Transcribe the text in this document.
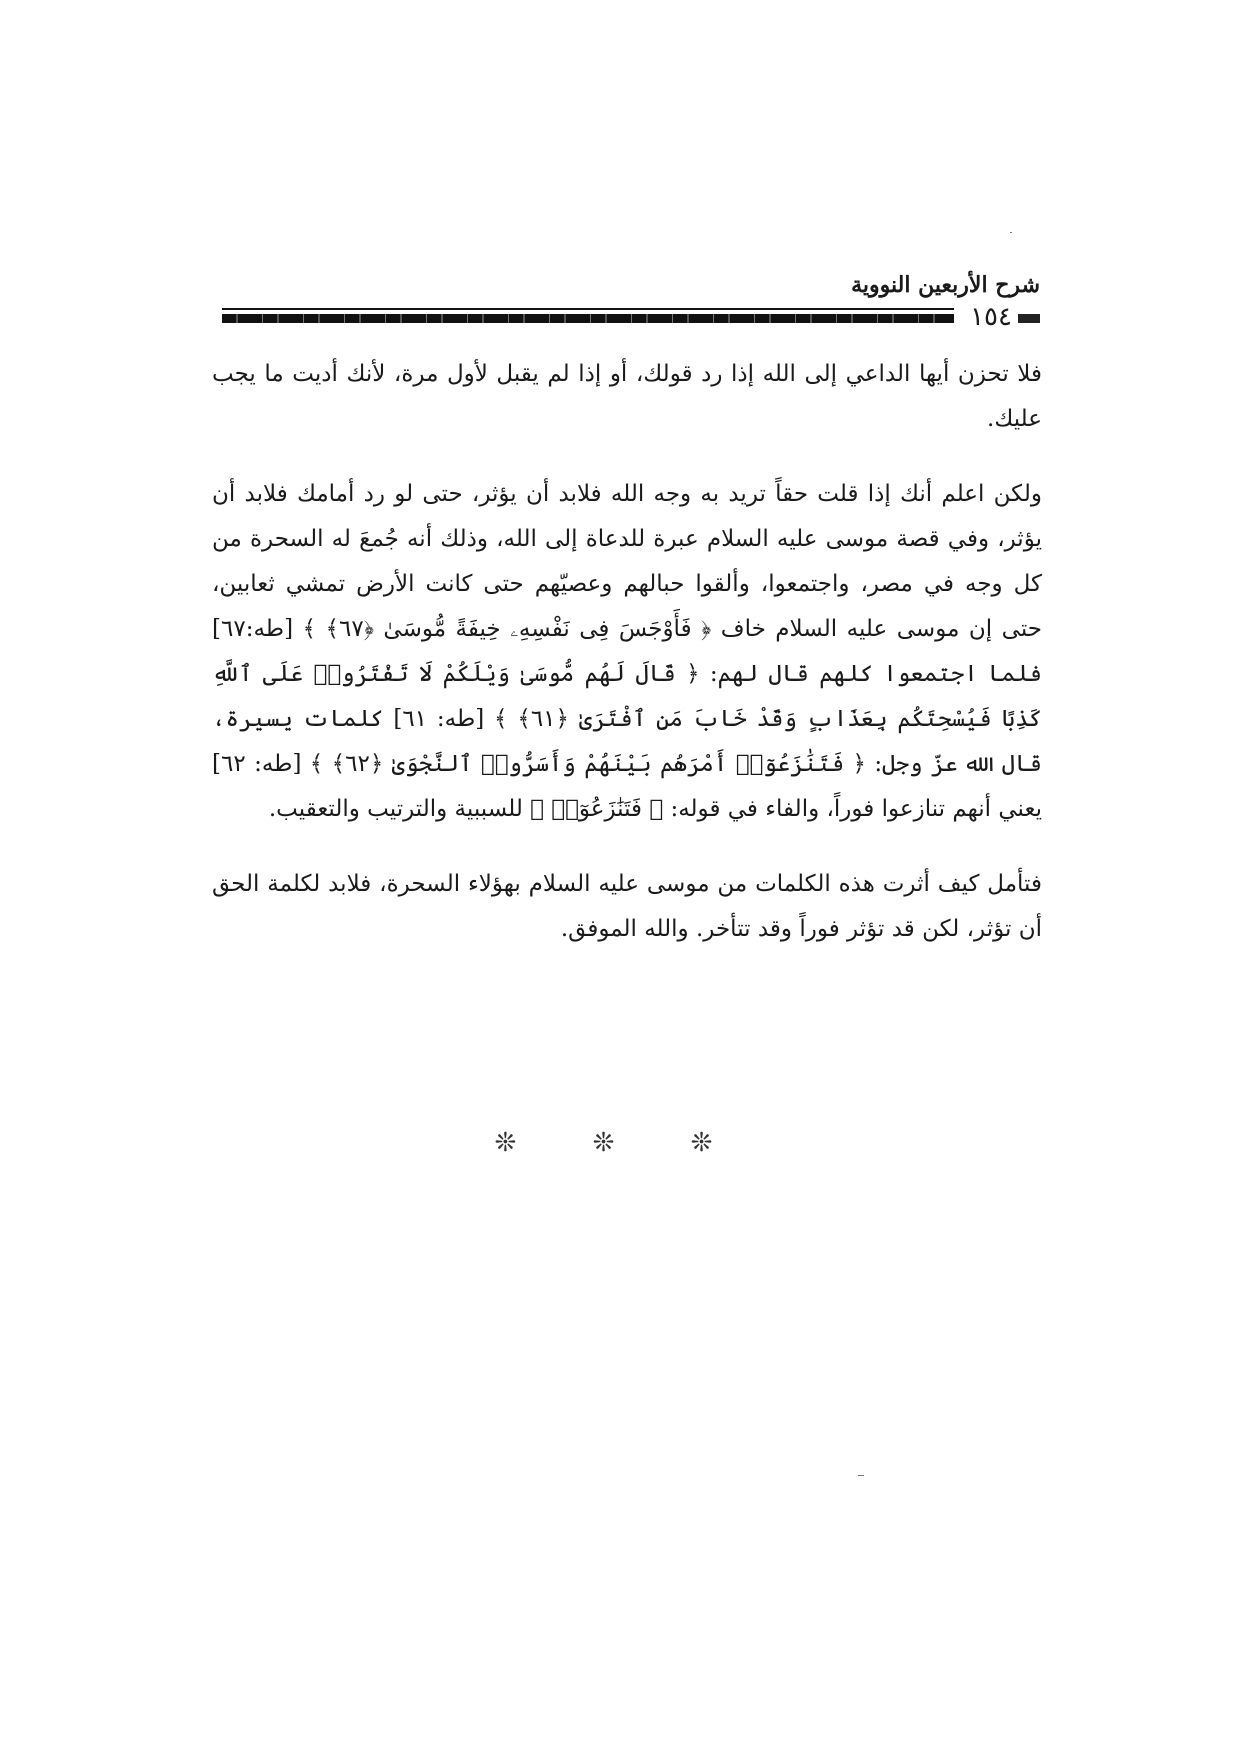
شرح الأربعين النووية
١٥٤

فلا تحزن أيها الداعي إلى الله إذا رد قولك، أو إذا لم يقبل لأول مرة، لأنك أديت ما يجب عليك.

ولكن اعلم أنك إذا قلت حقاً تريد به وجه الله فلابد أن يؤثر، حتى لو رد أمامك فلابد أن يؤثر، وفي قصة موسى عليه السلام عبرة للدعاة إلى الله، وذلك أنه جُمعَ له السحرة من كل وجه في مصر، واجتمعوا، وألقوا حبالهم وعصيّهم حتى كانت الأرض تمشي ثعابين، حتى إن موسى عليه السلام خاف ﴿ فَأَوْجَسَ فِى نَفْسِهِۦ خِيفَةً مُّوسَىٰ ﴿٦٧﴾ ﴾ [طه:٦٧] فلما اجتمعوا كلهم قال لهم: ﴿ قَالَ لَهُم مُّوسَىٰ وَيْلَكُمْ لَا تَفْتَرُوا۟ عَلَى ٱللَّهِ كَذِبًا فَيُسْحِتَكُم بِعَذَابٍ وَقَدْ خَابَ مَنِ ٱفْتَرَىٰ ﴿٦١﴾ ﴾ [طه: ٦١] كلمات يسيرة، قال الله عزّ وجل: ﴿ فَتَنَٰزَعُوٓا۟ أَمْرَهُم بَيْنَهُمْ وَأَسَرُّوا۟ ٱلنَّجْوَىٰ ﴿٦٢﴾ ﴾ [طه: ٦٢] يعني أنهم تنازعوا فوراً، والفاء في قوله: ﴿ فَتَنَٰزَعُوٓا۟ ﴾ للسببية والترتيب والتعقيب.

فتأمل كيف أثرت هذه الكلمات من موسى عليه السلام بهؤلاء السحرة، فلابد لكلمة الحق أن تؤثر، لكن قد تؤثر فوراً وقد تتأخر. والله الموفق.

❊ ❊ ❊
